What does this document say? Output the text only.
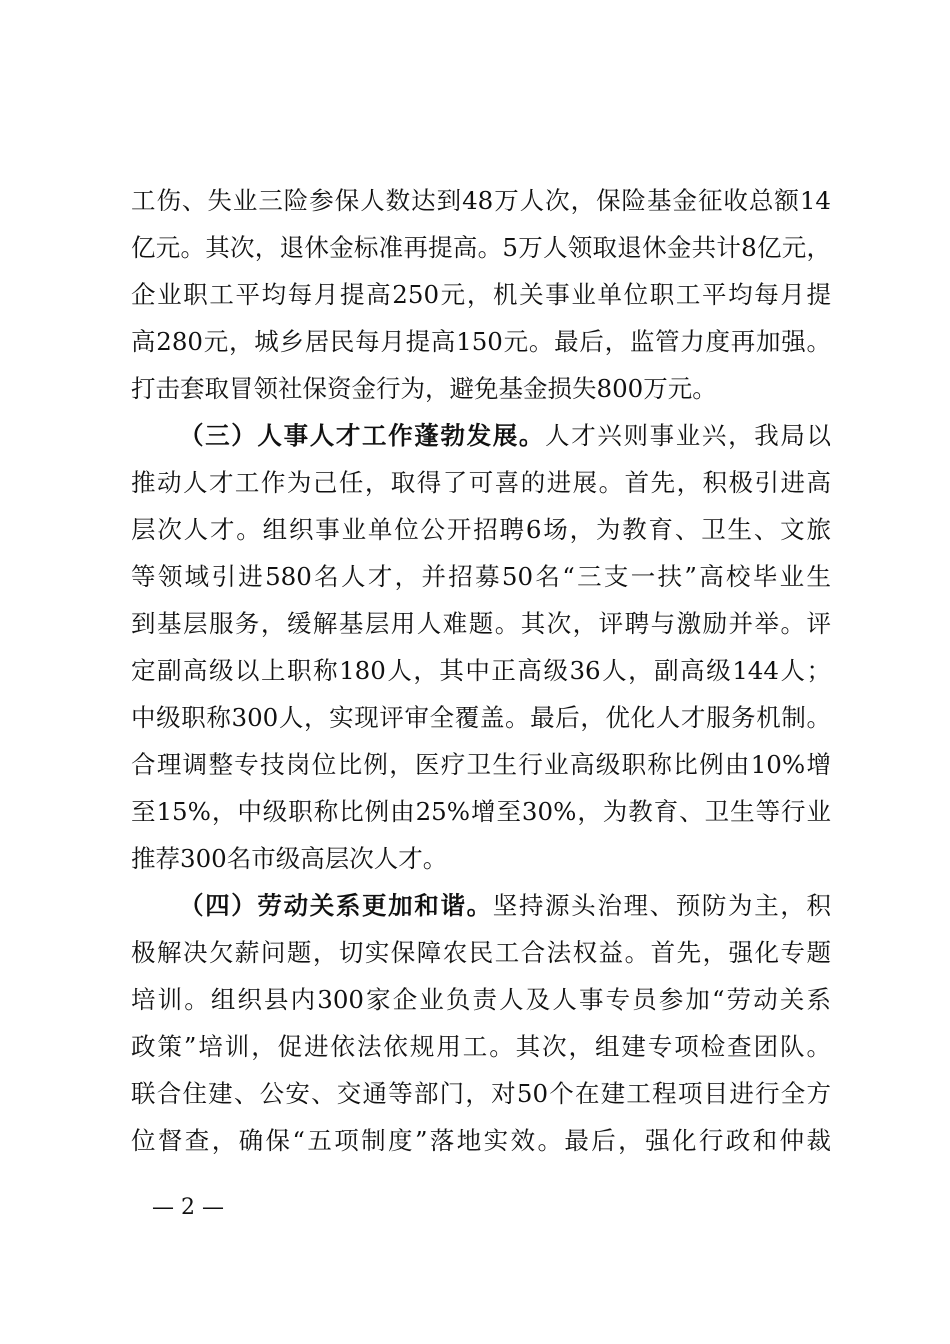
工伤、失业三险参保人数达到48万人次，保险基金征收总额14
亿元。其次，退休金标准再提高。5万人领取退休金共计8亿元，
企业职工平均每月提高250元，机关事业单位职工平均每月提
高280元，城乡居民每月提高150元。最后，监管力度再加强。
打击套取冒领社保资金行为，避免基金损失800万元。
（三）人事人才工作蓬勃发展。人才兴则事业兴，我局以
推动人才工作为己任，取得了可喜的进展。首先，积极引进高
层次人才。组织事业单位公开招聘6场，为教育、卫生、文旅
等领域引进580名人才，并招募50名“三支一扶”高校毕业生
到基层服务，缓解基层用人难题。其次，评聘与激励并举。评
定副高级以上职称180人，其中正高级36人，副高级144人；
中级职称300人，实现评审全覆盖。最后，优化人才服务机制。
合理调整专技岗位比例，医疗卫生行业高级职称比例由10%增
至15%，中级职称比例由25%增至30%，为教育、卫生等行业
推荐300名市级高层次人才。
（四）劳动关系更加和谐。坚持源头治理、预防为主，积
极解决欠薪问题，切实保障农民工合法权益。首先，强化专题
培训。组织县内300家企业负责人及人事专员参加“劳动关系
政策”培训，促进依法依规用工。其次，组建专项检查团队。
联合住建、公安、交通等部门，对50个在建工程项目进行全方
位督查，确保“五项制度”落地实效。最后，强化行政和仲裁
— 2 —
